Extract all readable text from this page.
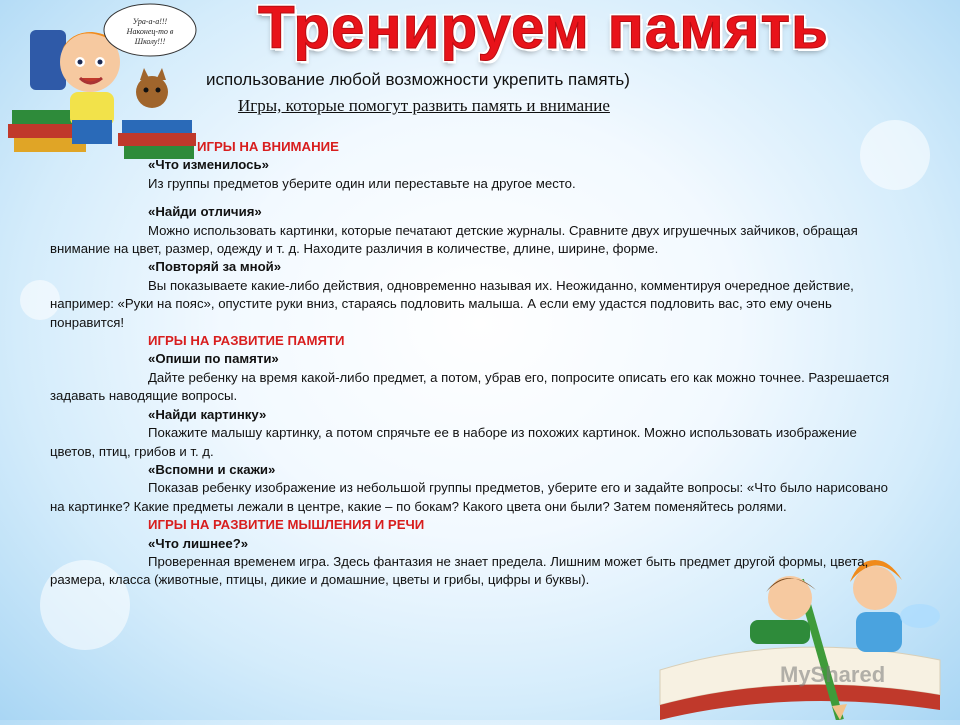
Ура-а-а!!!
Наконец-то в
Школу!!! Тренируем память
использование любой возможности укрепить память)
Игры, которые помогут развить память и внимание

ИГРЫ НА ВНИМАНИЕ

«Что изменилось»

Из группы предметов уберите один или переставьте на другое место.

«Найди отличия»

Можно использовать картинки, которые печатают детские журналы. Сравните двух игрушечных зайчиков, обращая внимание на цвет, размер, одежду и т. д. Находите различия в количестве, длине, ширине, форме.

«Повторяй за мной»

Вы показываете какие-либо действия, одновременно называя их. Неожиданно, комментируя очередное действие, например: «Руки на пояс», опустите руки вниз, стараясь подловить малыша. А если ему удастся подловить вас, это ему очень понравится!

ИГРЫ НА РАЗВИТИЕ ПАМЯТИ

«Опиши по памяти»

Дайте ребенку на время какой-либо предмет, а потом, убрав его, попросите описать его как можно точнее. Разрешается задавать наводящие вопросы.

«Найди картинку»

Покажите малышу картинку, а потом спрячьте ее в наборе из похожих картинок. Можно использовать изображение цветов, птиц, грибов и т. д.

«Вспомни и скажи»

Показав ребенку изображение из небольшой группы предметов, уберите его и задайте вопросы: «Что было нарисовано на картинке? Какие предметы лежали в центре, какие – по бокам? Какого цвета они были? Затем поменяйтесь ролями.

ИГРЫ НА РАЗВИТИЕ МЫШЛЕНИЯ И РЕЧИ

«Что лишнее?»

Проверенная временем игра. Здесь фантазия не знает предела. Лишним может быть предмет другой формы, цвета, размера, класса (животные, птицы, дикие и домашние, цветы и грибы, цифры и буквы).

MyShared
